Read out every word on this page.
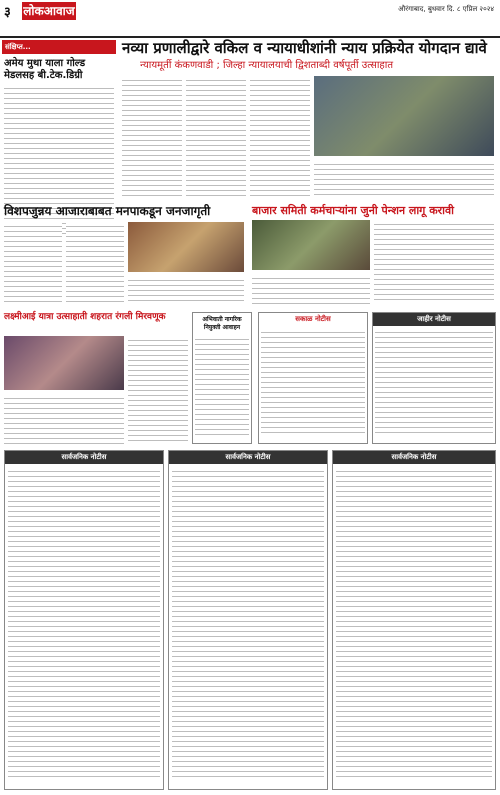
३ लोकआवाज	औरंगाबाद, बुधवार दि. ८ एप्रिल २०२४
संक्षिप्त...
अमेय मुथा याला गोल्ड
मेडलसह बी.टेक.डिग्री
नव्या प्रणालीद्वारे वकिल व न्यायाधीशांनी न्याय प्रक्रियेत योगदान द्यावे
न्यायमूर्ती कंकणवाडी ; जिल्हा न्यायालयाची द्विशताब्दी वर्षपूर्ती उत्साहात
विशपजुन्नय आजाराबाबत मनपाकडून जनजागृती	बाजार समिती कर्मचाऱ्यांना जुनी पेन्शन लागू करावी
लक्ष्मीआई यात्रा उत्साहाती शहरात रंगली मिरवणूक	अभिवाती नागरिक नियुक्ती आवाहन
सकाळ नोटीस	जाहीर नोटीस
सार्वजनिक नोटीस	सार्वजनिक नोटीस	सार्वजनिक नोटीस
